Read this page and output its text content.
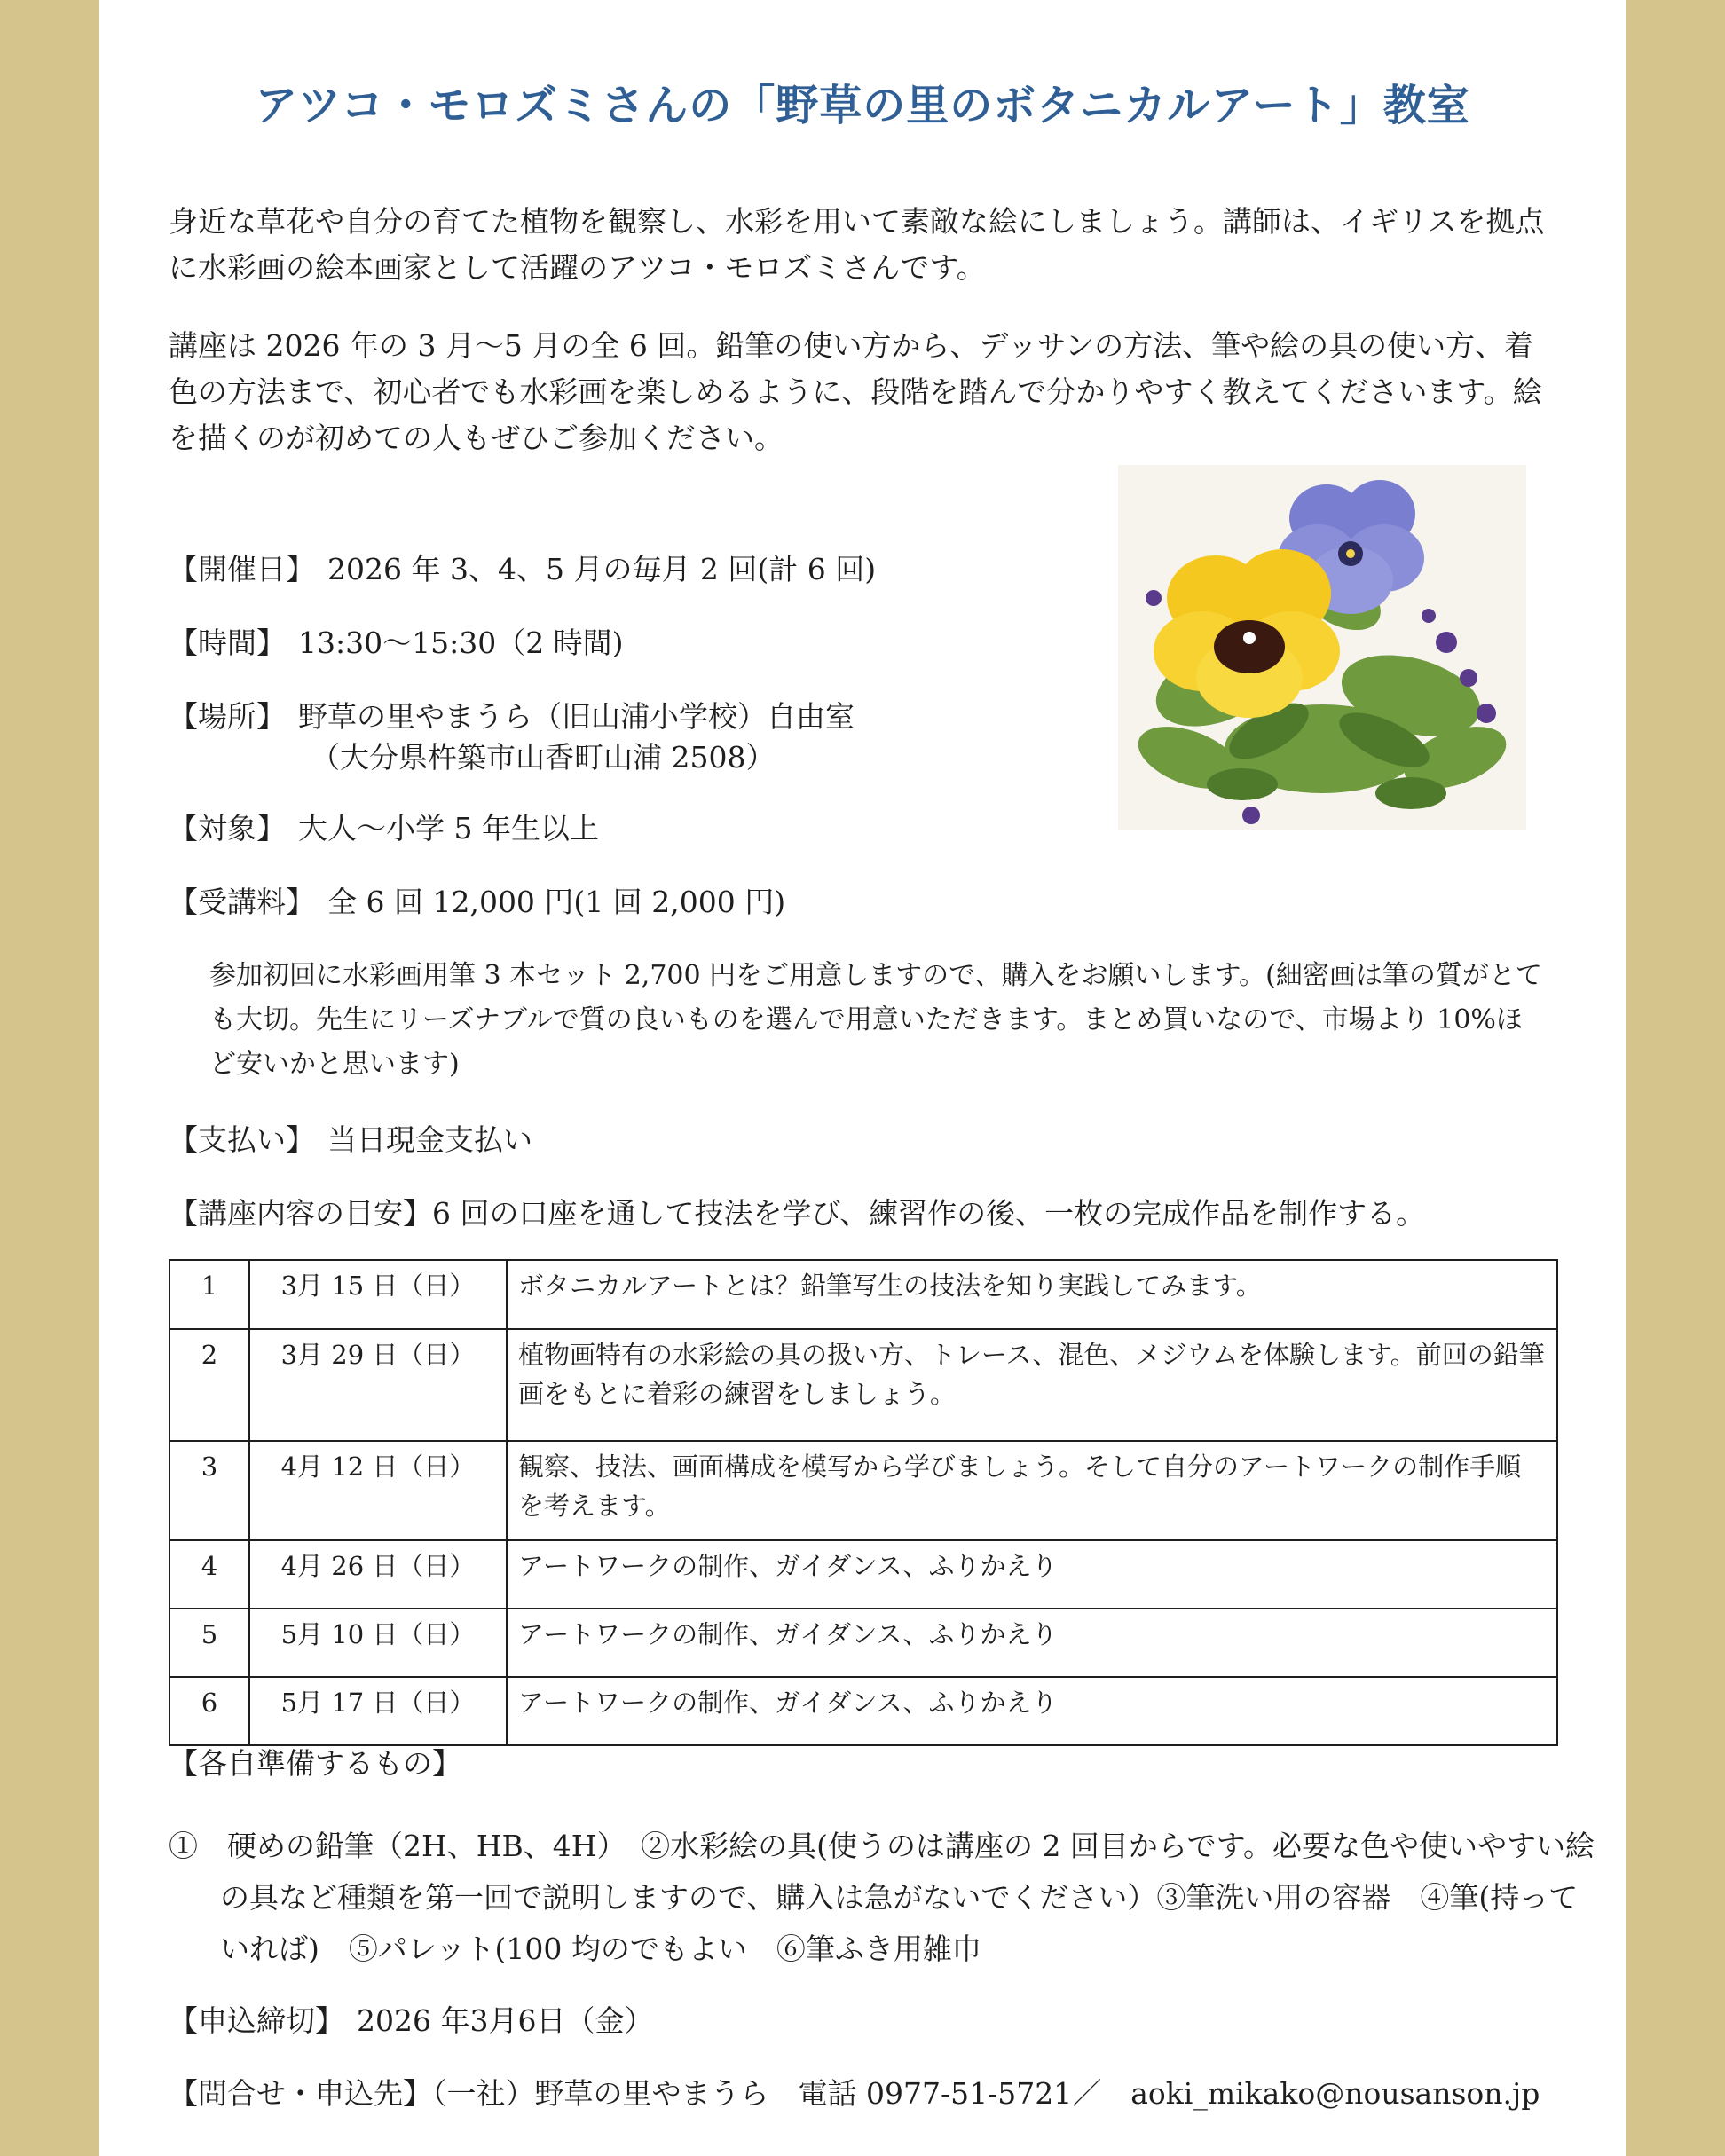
アツコ・モロズミさんの「野草の里のボタニカルアート」教室

身近な草花や自分の育てた植物を観察し、水彩を用いて素敵な絵にしましょう。講師は、イギリスを拠点に水彩画の絵本画家として活躍のアツコ・モロズミさんです。

講座は 2026 年の 3 月〜5 月の全 6 回。鉛筆の使い方から、デッサンの方法、筆や絵の具の使い方、着色の方法まで、初心者でも水彩画を楽しめるように、段階を踏んで分かりやすく教えてくださいます。絵を描くのが初めての人もぜひご参加ください。

【開催日】 2026 年 3、4、5 月の毎月 2 回(計 6 回)
【時間】 13:30〜15:30（2 時間)
【場所】 野草の里やまうら（旧山浦小学校）自由室
（大分県杵築市山香町山浦 2508）
【対象】 大人〜小学 5 年生以上
【受講料】 全 6 回 12,000 円(1 回 2,000 円)

参加初回に水彩画用筆 3 本セット 2,700 円をご用意しますので、購入をお願いします。(細密画は筆の質がとても大切。先生にリーズナブルで質の良いものを選んで用意いただきます。まとめ買いなので、市場より 10%ほど安いかと思います)

【支払い】 当日現金支払い
【講座内容の目安】6 回の口座を通して技法を学び、練習作の後、一枚の完成作品を制作する。
1	3月 15 日（日）	ボタニカルアートとは？鉛筆写生の技法を知り実践してみます。
2	3月 29 日（日）	植物画特有の水彩絵の具の扱い方、トレース、混色、メジウムを体験します。前回の鉛筆画をもとに着彩の練習をしましょう。
3	4月 12 日（日）	観察、技法、画面構成を模写から学びましょう。そして自分のアートワークの制作手順を考えます。
4	4月 26 日（日）	アートワークの制作、ガイダンス、ふりかえり
5	5月 10 日（日）	アートワークの制作、ガイダンス、ふりかえり
6	5月 17 日（日）	アートワークの制作、ガイダンス、ふりかえり
【各自準備するもの】

①　硬めの鉛筆（2H、HB、4H）　②水彩絵の具(使うのは講座の 2 回目からです。必要な色や使いやすい絵の具など種類を第一回で説明しますので、購入は急がないでください）③筆洗い用の容器　④筆(持っていれば)　⑤パレット(100 均のでもよい　⑥筆ふき用雑巾

【申込締切】 2026 年3月6日（金）
【問合せ・申込先】（一社）野草の里やまうら　電話 0977-51-5721／　aoki_mikako@nousanson.jp
